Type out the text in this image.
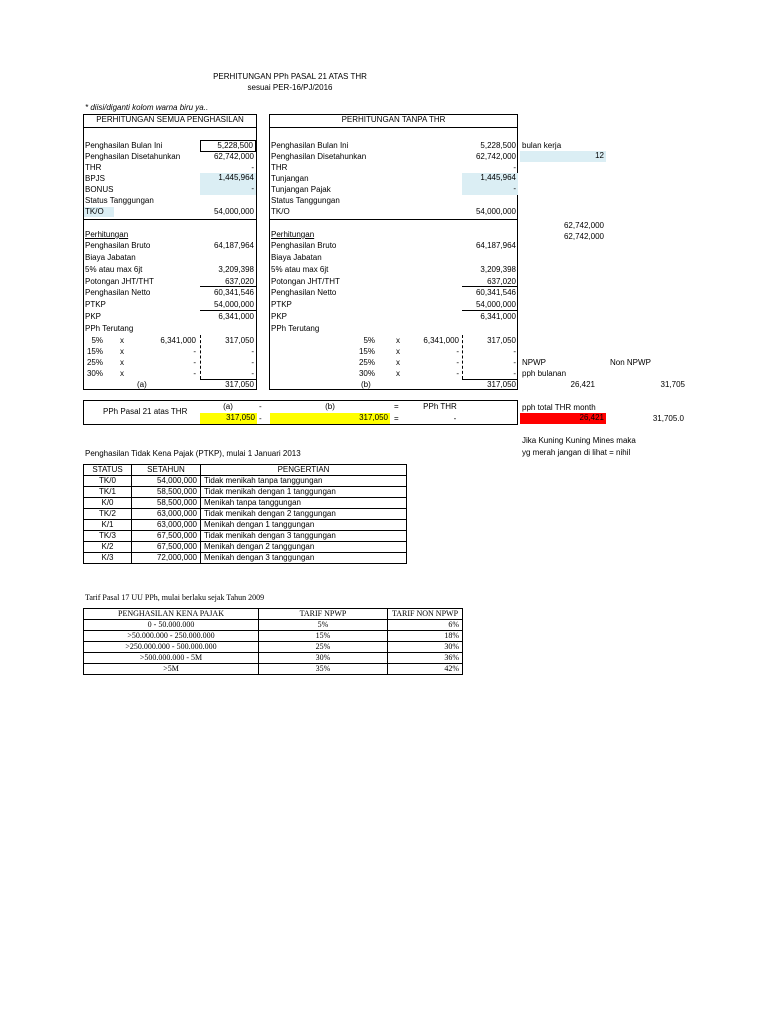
PERHITUNGAN PPh PASAL 21 ATAS THR
sesuai PER-16/PJ/2016
* diisi/diganti kolom warna biru ya..
PERHITUNGAN SEMUA PENGHASILAN
Penghasilan Bulan Ini	5,228,500
Penghasilan Disetahunkan	62,742,000
THR	-
BPJS	1,445,964
BONUS	-
Status Tanggungan
TK/O	54,000,000
Perhitungan
Penghasilan Bruto	64,187,964
Biaya Jabatan
5% atau max 6jt	3,209,398
Potongan JHT/THT	637,020
Penghasilan Netto	60,341,546
PTKP	54,000,000
PKP	6,341,000
PPh Terutang
5% x	6,341,000	317,050
15% x	-	-
25% x	-	-
30% x	-	-
(a)	317,050
PERHITUNGAN TANPA THR
Penghasilan Bulan Ini	5,228,500
Penghasilan Disetahunkan	62,742,000
THR	-
Tunjangan	1,445,964
Tunjangan Pajak	-
Status Tanggungan
TK/O	54,000,000
Perhitungan
Penghasilan Bruto	64,187,964
Biaya Jabatan
5% atau max 6jt	3,209,398
Potongan JHT/THT	637,020
Penghasilan Netto	60,341,546
PTKP	54,000,000
PKP	6,341,000
PPh Terutang
5%	x	6,341,000	317,050
15%	x	-	-
25%	x	-	-
30%	x	-	-
(b)	317,050
bulan kerja
12
62,742,000
62,742,000
NPWP	Non NPWP
pph bulanan
26,421	31,705
pph total THR month
26,421	31,705.0
Jika Kuning Kuning Mines maka
yg merah jangan di lihat = nihil
PPh Pasal 21 atas THR
(a)	-	(b)	=	PPh THR
317,050 -	317,050 =	-
Penghasilan Tidak Kena Pajak (PTKP), mulai 1 Januari 2013
STATUS	SETAHUN	PENGERTIAN
TK/0	54,000,000	Tidak menikah tanpa tanggungan
TK/1	58,500,000	Tidak menikah dengan 1 tanggungan
K/0	58,500,000	Menikah tanpa tanggungan
TK/2	63,000,000	Tidak menikah dengan 2 tanggungan
K/1	63,000,000	Menikah dengan 1 tanggungan
TK/3	67,500,000	Tidak menikah dengan 3 tanggungan
K/2	67,500,000	Menikah dengan 2 tanggungan
K/3	72,000,000	Menikah dengan 3 tanggungan
Tarif Pasal 17 UU PPh, mulai berlaku sejak Tahun 2009
PENGHASILAN KENA PAJAK	TARIF NPWP	TARIF NON NPWP
0 - 50.000.000	5%	6%
>50.000.000 - 250.000.000	15%	18%
>250.000.000 - 500.000.000	25%	30%
>500.000.000 - 5M	30%	36%
>5M	35%	42%
